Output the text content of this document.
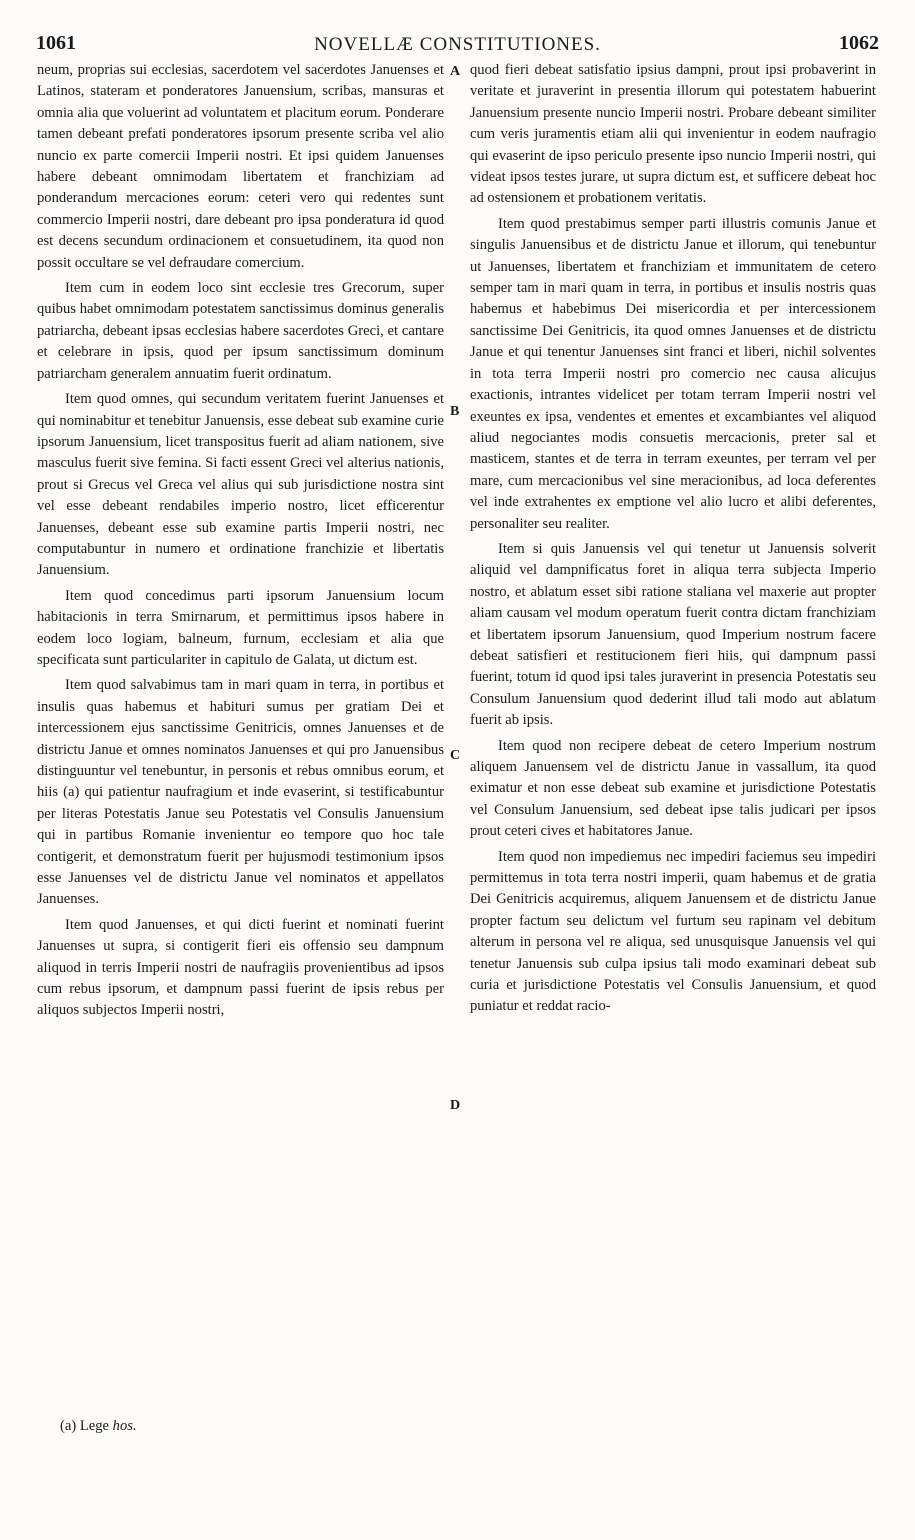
1061	NOVELLÆ CONSTITUTIONES.	1062

neum, proprias sui ecclesias, sacerdotem vel sacerdotes Januenses et Latinos, stateram et ponderatores Januensium, scribas, mansuras et omnia alia que voluerint ad voluntatem et placitum eorum. Ponderare tamen debeant prefati ponderatores ipsorum presente scriba vel alio nuncio ex parte comercii Imperii nostri. Et ipsi quidem Januenses habere debeant omnimodam libertatem et franchiziam ad ponderandum mercaciones eorum: ceteri vero qui redentes sunt commercio Imperii nostri, dare debeant pro ipsa ponderatura id quod est decens secundum ordinacionem et consuetudinem, ita quod non possit occultare se vel defraudare comercium.

Item cum in eodem loco sint ecclesie tres Grecorum, super quibus habet omnimodam potestatem sanctissimus dominus generalis patriarcha, debeant ipsas ecclesias habere sacerdotes Greci, et cantare et celebrare in ipsis, quod per ipsum sanctissimum dominum patriarcham generalem annuatim fuerit ordinatum.

Item quod omnes, qui secundum veritatem fuerint Januenses et qui nominabitur et tenebitur Januensis, esse debeat sub examine curie ipsorum Januensium, licet transpositus fuerit ad aliam nationem, sive masculus fuerit sive femina. Si facti essent Greci vel alterius nationis, prout si Grecus vel Greca vel alius qui sub jurisdictione nostra sint vel esse debeant rendabiles imperio nostro, licet efficerentur Januenses, debeant esse sub examine partis Imperii nostri, nec computabuntur in numero et ordinatione franchizie et libertatis Januensium.

Item quod concedimus parti ipsorum Januensium locum habitacionis in terra Smirnarum, et permittimus ipsos habere in eodem loco logiam, balneum, furnum, ecclesiam et alia que specificata sunt particulariter in capitulo de Galata, ut dictum est.

Item quod salvabimus tam in mari quam in terra, in portibus et insulis quas habemus et habituri sumus per gratiam Dei et intercessionem ejus sanctissime Genitricis, omnes Januenses et de districtu Janue et omnes nominatos Januenses et qui pro Januensibus distinguuntur vel tenebuntur, in personis et rebus omnibus eorum, et hiis (a) qui patientur naufragium et inde evaserint, si testificabuntur per literas Potestatis Janue seu Potestatis vel Consulis Januensium qui in partibus Romanie invenientur eo tempore quo hoc tale contigerit, et demonstratum fuerit per hujusmodi testimonium ipsos esse Januenses vel de districtu Janue vel nominatos et appellatos Januenses.

Item quod Januenses, et qui dicti fuerint et nominati fuerint Januenses ut supra, si contigerit fieri eis offensio seu dampnum aliquod in terris Imperii nostri de naufragiis provenientibus ad ipsos cum rebus ipsorum, et dampnum passi fuerint de ipsis rebus per aliquos subjectos Imperii nostri,

A
B
C
D

quod fieri debeat satisfatio ipsius dampni, prout ipsi probaverint in veritate et juraverint in presentia illorum qui potestatem habuerint Januensium presente nuncio Imperii nostri. Probare debeant similiter cum veris juramentis etiam alii qui invenientur in eodem naufragio qui evaserint de ipso periculo presente ipso nuncio Imperii nostri, qui videat ipsos testes jurare, ut supra dictum est, et sufficere debeat hoc ad ostensionem et probationem veritatis.

Item quod prestabimus semper parti illustris comunis Janue et singulis Januensibus et de districtu Janue et illorum, qui tenebuntur ut Januenses, libertatem et franchiziam et immunitatem de cetero semper tam in mari quam in terra, in portibus et insulis nostris quas habemus et habebimus Dei misericordia et per intercessionem sanctissime Dei Genitricis, ita quod omnes Januenses et de districtu Janue et qui tenentur Januenses sint franci et liberi, nichil solventes in tota terra Imperii nostri pro comercio nec causa alicujus exactionis, intrantes videlicet per totam terram Imperii nostri vel exeuntes ex ipsa, vendentes et ementes et excambiantes vel aliquod aliud negociantes modis consuetis mercacionis, preter sal et masticem, stantes et de terra in terram exeuntes, per terram vel per mare, cum mercacionibus vel sine meracionibus, ad loca deferentes vel inde extrahentes ex emptione vel alio lucro et alibi deferentes, personaliter seu realiter.

Item si quis Januensis vel qui tenetur ut Januensis solverit aliquid vel dampnificatus foret in aliqua terra subjecta Imperio nostro, et ablatum esset sibi ratione staliana vel maxerie aut propter aliam causam vel modum operatum fuerit contra dictam franchiziam et libertatem ipsorum Januensium, quod Imperium nostrum facere debeat satisfieri et restitucionem fieri hiis, qui dampnum passi fuerint, totum id quod ipsi tales juraverint in presencia Potestatis seu Consulum Januensium quod dederint illud tali modo aut ablatum fuerit ab ipsis.

Item quod non recipere debeat de cetero Imperium nostrum aliquem Januensem vel de districtu Janue in vassallum, ita quod eximatur et non esse debeat sub examine et jurisdictione Potestatis vel Consulum Januensium, sed debeat ipse talis judicari per ipsos prout ceteri cives et habitatores Janue.

Item quod non impediemus nec impediri faciemus seu impediri permittemus in tota terra nostri imperii, quam habemus et de gratia Dei Genitricis acquiremus, aliquem Januensem et de districtu Janue propter factum seu delictum vel furtum seu rapinam vel debitum alterum in persona vel re aliqua, sed unusquisque Januensis vel qui tenetur Januensis sub culpa ipsius tali modo examinari debeat sub curia et jurisdictione Potestatis vel Consulis Januensium, et quod puniatur et reddat racio-

(a) Lege hos.
